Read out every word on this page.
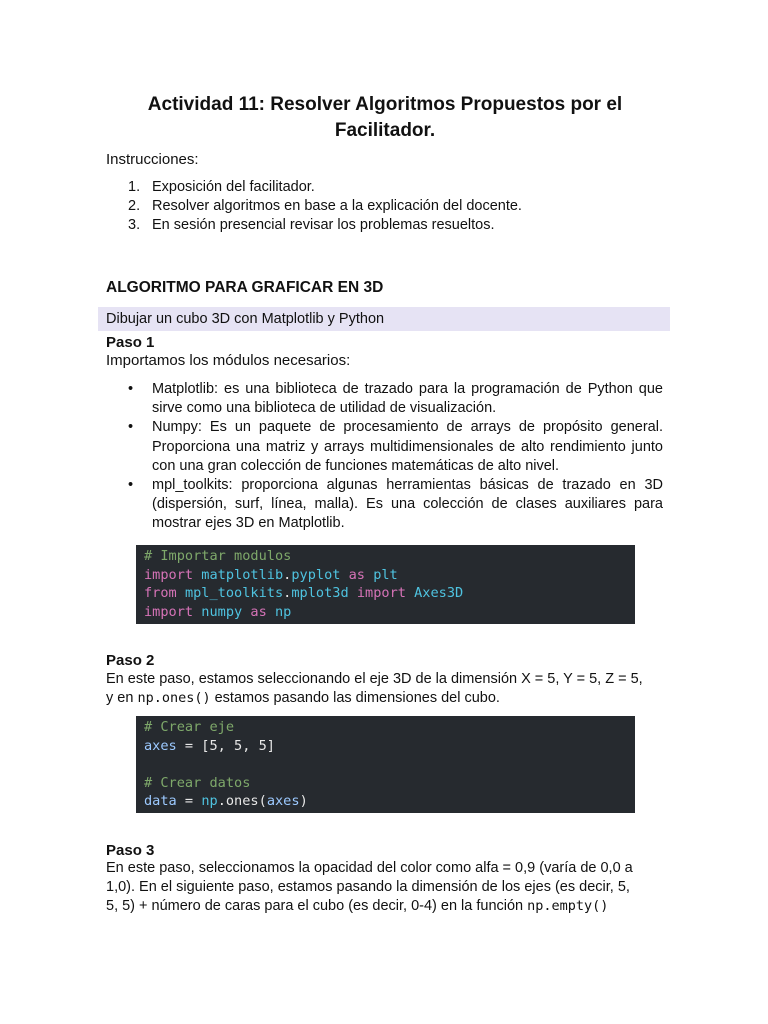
Actividad 11: Resolver Algoritmos Propuestos por el Facilitador.
Instrucciones:
1. Exposición del facilitador.
2. Resolver algoritmos en base a la explicación del docente.
3. En sesión presencial revisar los problemas resueltos.
ALGORITMO PARA GRAFICAR EN 3D
Dibujar un cubo 3D con Matplotlib y Python
Paso 1
Importamos los módulos necesarios:
•	Matplotlib: es una biblioteca de trazado para la programación de Python que sirve como una biblioteca de utilidad de visualización.
•	Numpy: Es un paquete de procesamiento de arrays de propósito general. Proporciona una matriz y arrays multidimensionales de alto rendimiento junto con una gran colección de funciones matemáticas de alto nivel.
•	mpl_toolkits: proporciona algunas herramientas básicas de trazado en 3D (dispersión, surf, línea, malla). Es una colección de clases auxiliares para mostrar ejes 3D en Matplotlib.
# Importar modulos
import matplotlib.pyplot as plt
from mpl_toolkits.mplot3d import Axes3D
import numpy as np
Paso 2
En este paso, estamos seleccionando el eje 3D de la dimensión X = 5, Y = 5, Z = 5,
y en np.ones() estamos pasando las dimensiones del cubo.
# Crear eje
axes = [5, 5, 5]
# Crear datos
data = np.ones(axes)
Paso 3
En este paso, seleccionamos la opacidad del color como alfa = 0,9 (varía de 0,0 a
1,0). En el siguiente paso, estamos pasando la dimensión de los ejes (es decir, 5,
5, 5) + número de caras para el cubo (es decir, 0-4) en la función np.empty()
